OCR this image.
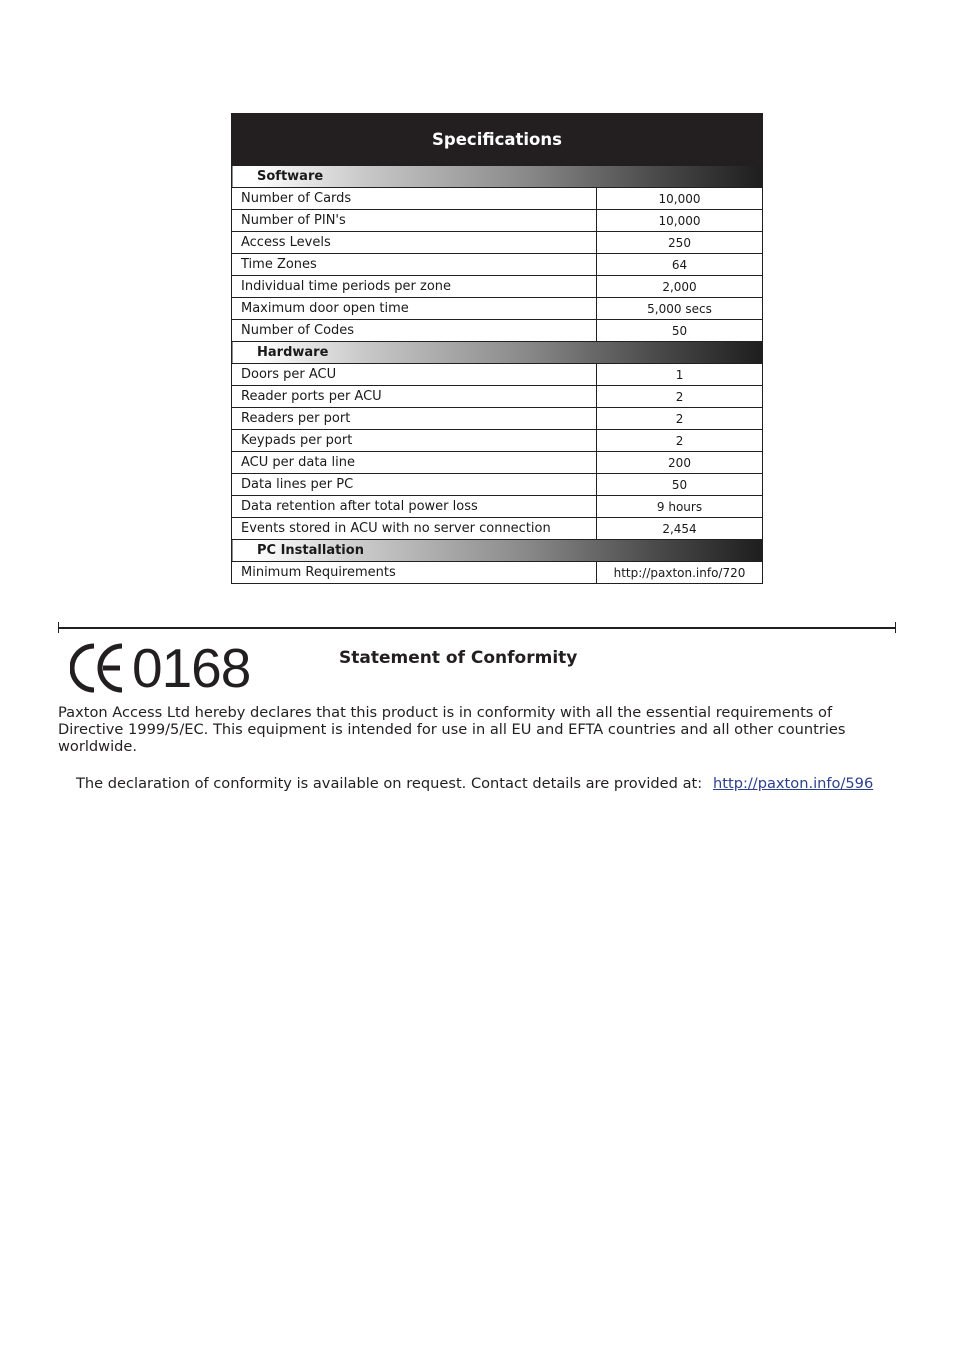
Specifications	
Software	
Number of Cards	10,000
Number of PIN's	10,000
Access Levels	250
Time Zones	64
Individual time periods per zone	2,000
Maximum door open time	5,000 secs
Number of Codes	50
Hardware	
Doors per ACU	1
Reader ports per ACU	2
Readers per port	2
Keypads per port	2
ACU per data line	200
Data lines per PC	50
Data retention after total power loss	9 hours
Events stored in ACU with no server connection	2,454
PC Installation	
Minimum Requirements	http://paxton.info/720
0168	Statement of Conformity

Paxton Access Ltd hereby declares that this product is in conformity with all the essential requirements of Directive 1999/5/EC. This equipment is intended for use in all EU and EFTA countries and all other countries worldwide.

The declaration of conformity is available on request. Contact details are provided at: http://paxton.info/596
